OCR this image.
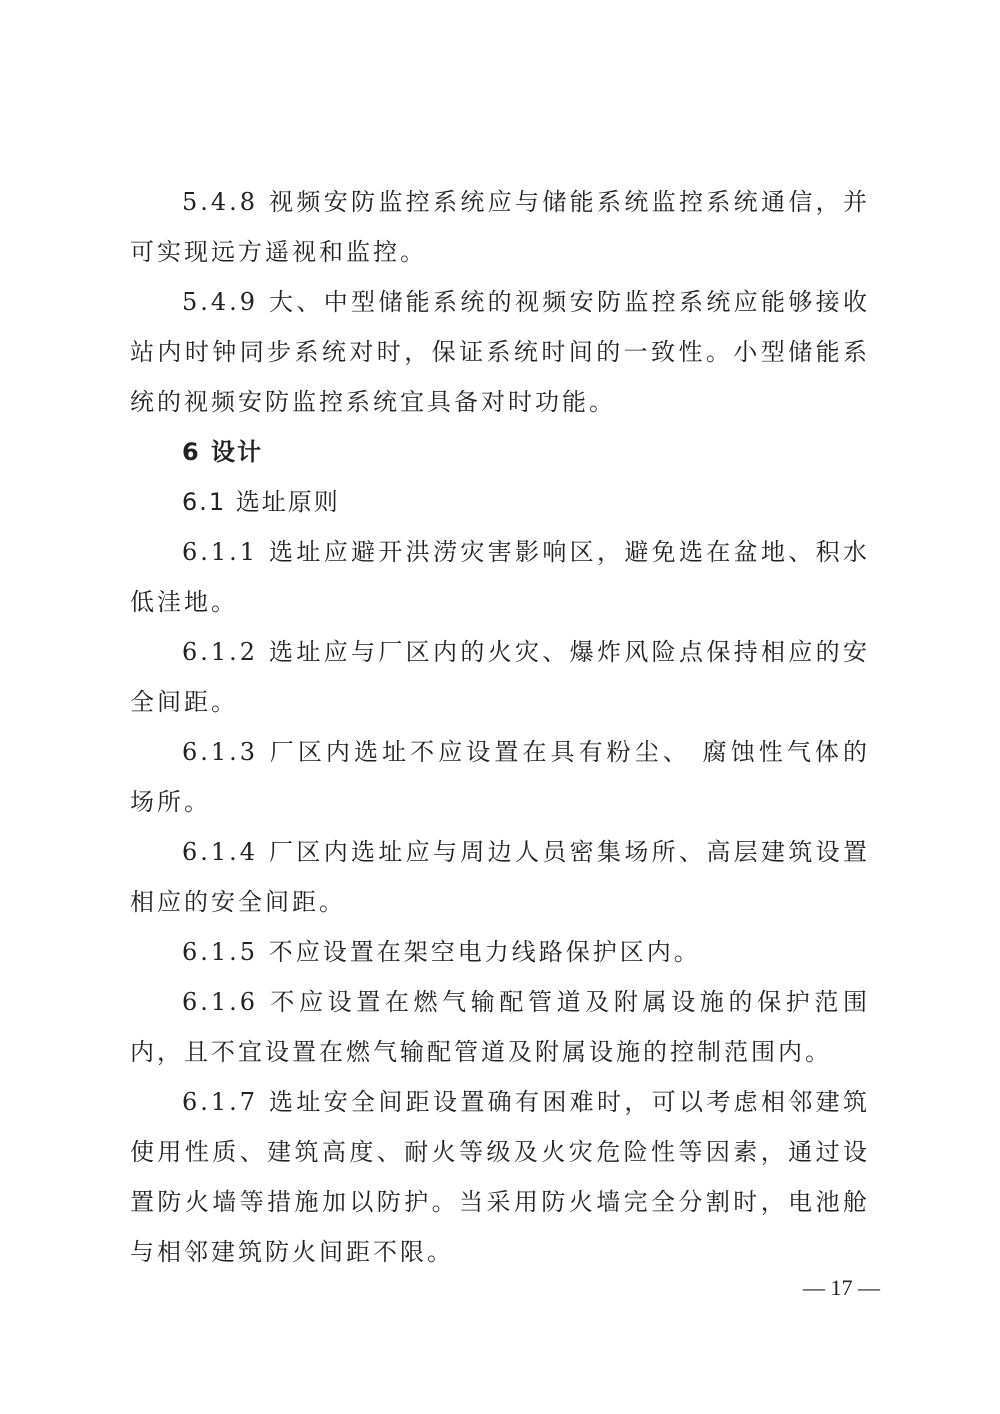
5.4.8 视频安防监控系统应与储能系统监控系统通信，并可实现远方遥视和监控。

5.4.9 大、中型储能系统的视频安防监控系统应能够接收站内时钟同步系统对时，保证系统时间的一致性。小型储能系统的视频安防监控系统宜具备对时功能。

6 设计

6.1 选址原则

6.1.1 选址应避开洪涝灾害影响区，避免选在盆地、积水低洼地。

6.1.2 选址应与厂区内的火灾、爆炸风险点保持相应的安全间距。

6.1.3 厂区内选址不应设置在具有粉尘、 腐蚀性气体的场所。

6.1.4 厂区内选址应与周边人员密集场所、高层建筑设置相应的安全间距。

6.1.5 不应设置在架空电力线路保护区内。

6.1.6 不应设置在燃气输配管道及附属设施的保护范围内，且不宜设置在燃气输配管道及附属设施的控制范围内。

6.1.7 选址安全间距设置确有困难时，可以考虑相邻建筑使用性质、建筑高度、耐火等级及火灾危险性等因素，通过设置防火墙等措施加以防护。当采用防火墙完全分割时，电池舱与相邻建筑防火间距不限。

— 17 —
